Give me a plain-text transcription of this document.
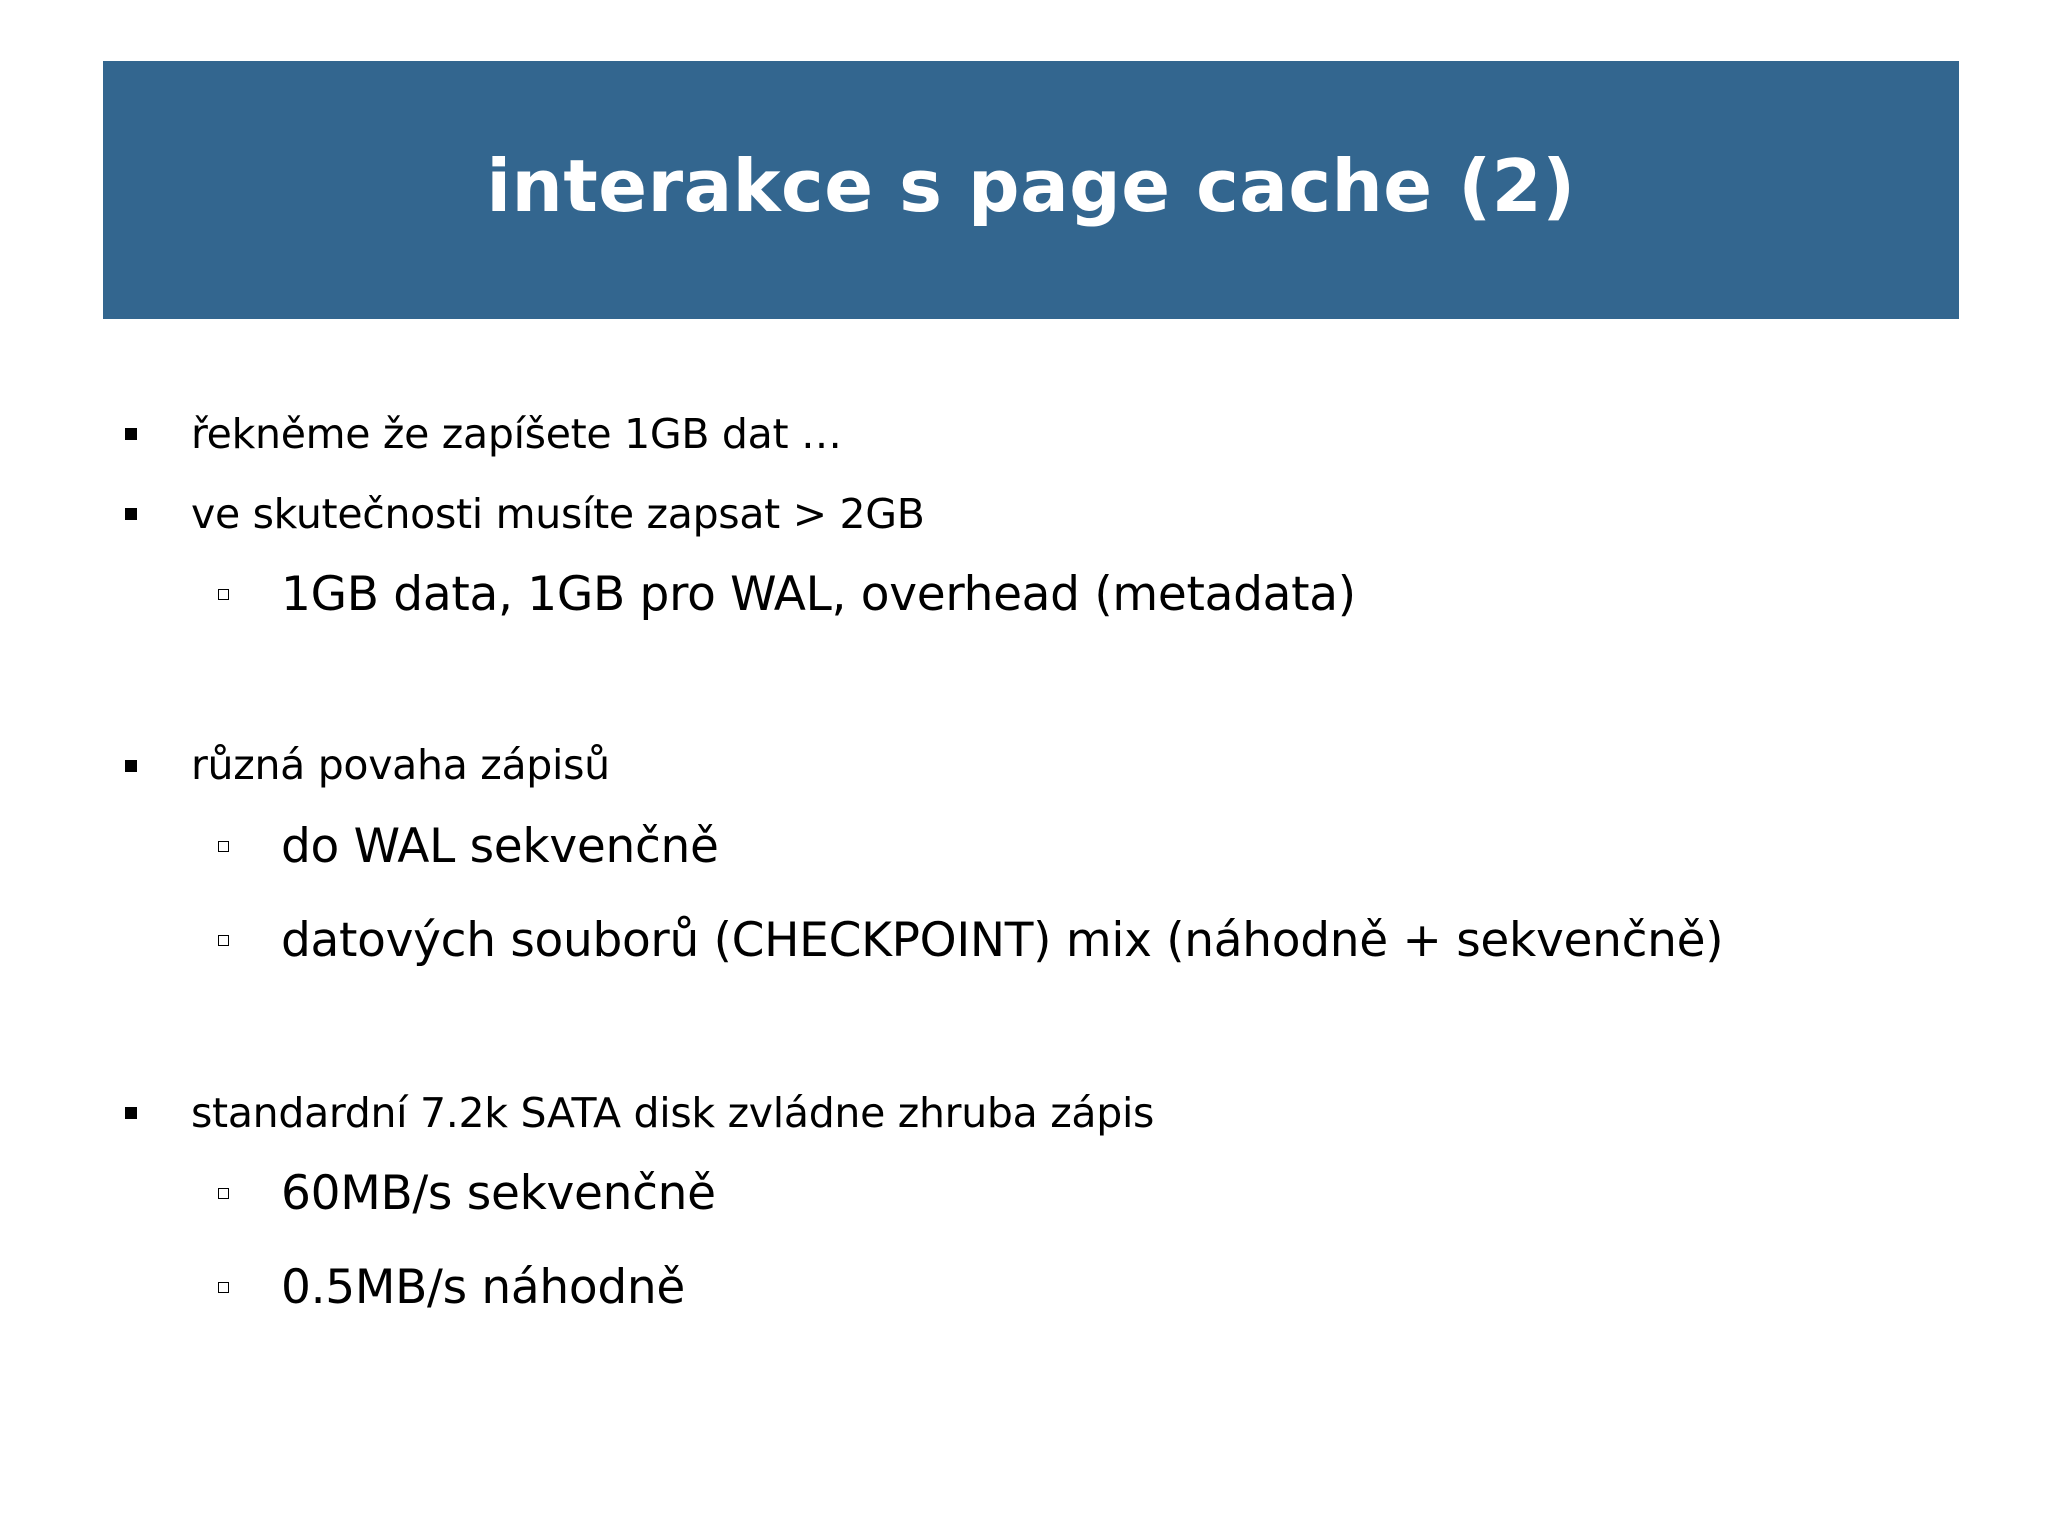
interakce s page cache (2)
řekněme že zapíšete 1GB dat …
ve skutečnosti musíte zapsat > 2GB
1GB data, 1GB pro WAL, overhead (metadata)
různá povaha zápisů
do WAL sekvenčně
datových souborů (CHECKPOINT) mix (náhodně + sekvenčně)
standardní 7.2k SATA disk zvládne zhruba zápis
60MB/s sekvenčně
0.5MB/s náhodně
